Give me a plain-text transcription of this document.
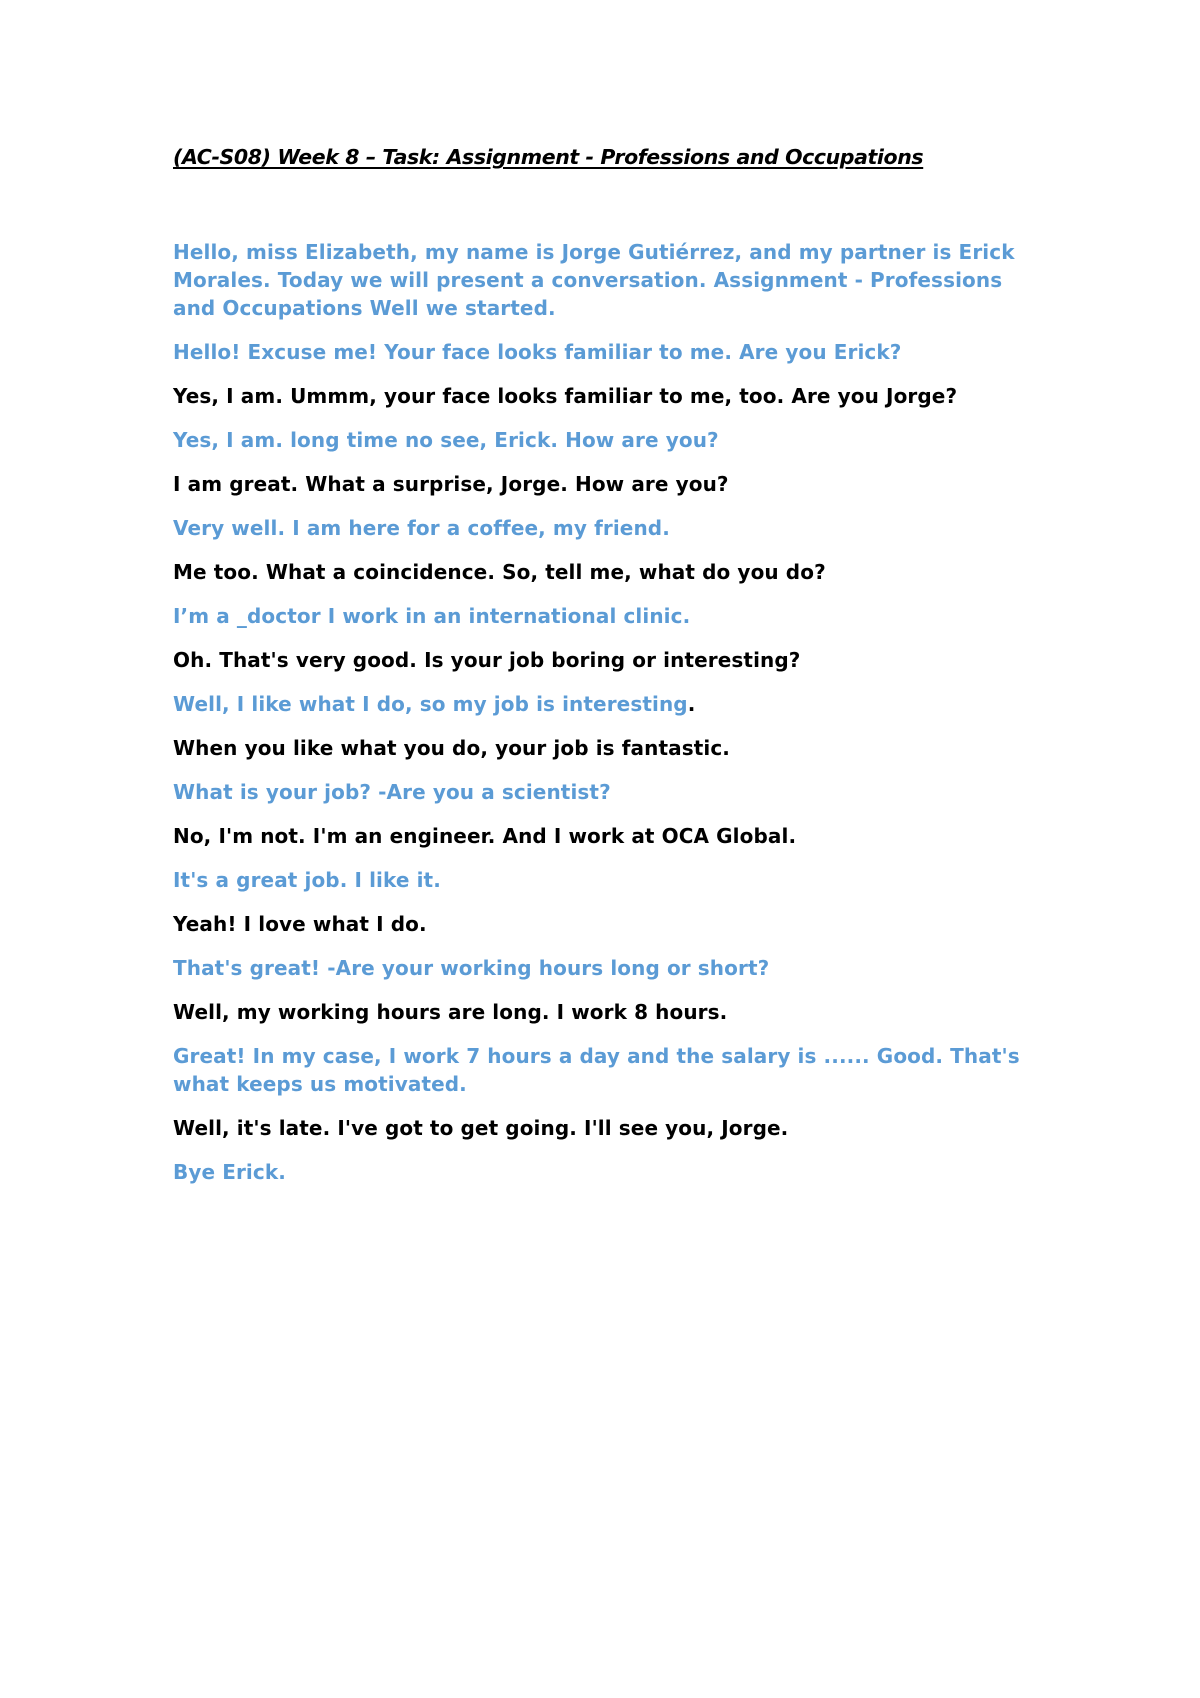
(AC-S08) Week 8 – Task: Assignment - Professions and Occupations

Hello, miss Elizabeth, my name is Jorge Gutiérrez, and my partner is Erick Morales. Today we will present a conversation. Assignment - Professions and Occupations Well we started.

Hello! Excuse me! Your face looks familiar to me. Are you Erick?

Yes, I am. Ummm, your face looks familiar to me, too. Are you Jorge?

Yes, I am. long time no see, Erick. How are you?

I am great. What a surprise, Jorge. How are you?

Very well. I am here for a coffee, my friend.

Me too. What a coincidence. So, tell me, what do you do?

I’m a _doctor I work in an international clinic.

Oh. That's very good. Is your job boring or interesting?

Well, I like what I do, so my job is interesting.

When you like what you do, your job is fantastic.

What is your job? -Are you a scientist?

No, I'm not. I'm an engineer. And I work at OCA Global.

It's a great job. I like it.

Yeah! I love what I do.

That's great! -Are your working hours long or short?

Well, my working hours are long. I work 8 hours.

Great! In my case, I work 7 hours a day and the salary is ...... Good. That's what keeps us motivated.

Well, it's late. I've got to get going. I'll see you, Jorge.

Bye Erick.
